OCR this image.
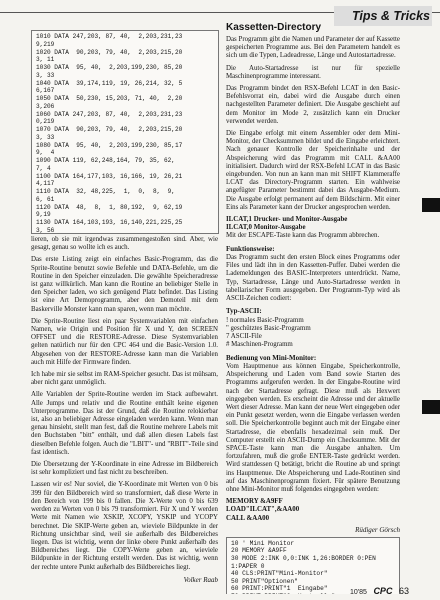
Tips & Tricks
1010 DATA 247,203, 87, 40,  2,203,231,23
9,219
1020 DATA  90,203, 79, 40,  2,203,215,20
3, 11
1030 DATA  95, 40,  2,203,199,230, 85,20
3, 33
1040 DATA  39,174,119, 19, 26,214, 32, 5
6,167
1050 DATA  50,230, 15,203, 71, 40,  2,20
3,206
1060 DATA 247,203, 87, 40,  2,203,231,23
0,219
1070 DATA  90,203, 79, 40,  2,203,215,20
3, 33
1080 DATA  95, 40,  2,203,199,230, 85,17
9,  4
1090 DATA 119, 62,248,164, 79, 35, 62,
7, 4
1100 DATA 164,177,103, 16,166, 19, 26,21
4,117
1110 DATA  32, 48,225,  1,  0,  8,  9,
6, 61
1120 DATA  48,  8,  1, 80,192,  9, 62,19
9,19
1130 DATA 164,103,193, 16,140,221,225,25
3, 56

lieren, ob sie mit irgendwas zusammengestoßen sind. Aber, wie gesagt, genau so wollte ich es auch.

Das erste Listing zeigt ein einfaches Basic-Programm, das die Sprite-Routine benutzt sowie Befehle und DATA-Befehle, um die Routine in den Speicher einzuladen. Die gewählte Speicheradresse ist ganz willkürlich. Man kann die Routine an beliebiger Stelle in den Speicher laden, wo sich genügend Platz befindet. Das Listing ist eine Art Demoprogramm, aber den Demoteil mit dem Baskerville Monster kann man sparen, wenn man möchte.

Die Sprite-Routine liest ein paar Systemvariablen mit einfachen Namen, wie Origin und Position für X und Y, den SCREEN OFFSET und die RESTORE-Adresse. Diese Systemvariablen gelten natürlich nur für den CPC 464 und die Basic-Version 1.0. Abgesehen von der RESTORE-Adresse kann man die Variablen auch mit Hilfe der Firmware finden.

Ich habe mir sie selbst im RAM-Speicher gesucht. Das ist mühsam, aber nicht ganz unmöglich.

Alle Variablen der Sprite-Routine werden im Stack aufbewahrt. Alle Jumps und relativ und die Routine enthält keine eigenen Unterprogramme. Das ist der Grund, daß die Routine relokierbar ist, also an beliebiger Adresse eingeladen werden kann. Wenn man genau hinsieht, stellt man fest, daß die Routine mehrere Labels mit den Buchstaben "bitt" enthält, und daß allen diesen Labels fast dieselben Befehle folgen. Auch die "LBIT"- und "RBIT"-Teile sind fast identisch.

Die Übersetzung der Y-Koordinate in eine Adresse im Bildbereich ist sehr kompliziert und fast nicht zu beschreiben.

Lassen wir es! Nur soviel, die Y-Koordinate mit Werten von 0 bis 399 für den Bildbereich wird so transformiert, daß diese Werte in den Bereich von 199 bis 0 fallen. Die X-Werte von 0 bis 639 werden zu Werten von 0 bis 79 transformiert. Für X und Y werden Werte mit Namen wie XSKIP, XCOPY, YSKIP und YCOPY berechnet. Die SKIP-Werte geben an, wieviele Bildpunkte in der Richtung unsichtbar sind, weil sie außerhalb des Bildbereiches liegen. Das ist wichtig, wenn der linke obere Punkt außerhalb des Bildbereiches liegt. Die COPY-Werte geben an, wieviele Bildpunkte in der Richtung erstellt werden. Das ist wichtig, wenn der rechte untere Punkt außerhalb des Bildbereiches liegt.

Volker Raab
Kassetten-Directory

Das Programm gibt die Namen und Parameter der auf Kassette gespeicherten Programme aus. Bei den Parametern handelt es sich um die Typen, Ladeadresse, Länge und Autostartadresse.

Die Auto-Startadresse ist nur für spezielle Maschinenprogramme interessant.

Das Programm bindet den RSX-Befehl LCAT in den Basic-Befehlsvorrat ein, dabei wird die Ausgabe durch einen nachgestellten Parameter definiert. Die Ausgabe geschieht auf dem Monitor im Mode 2, zusätzlich kann ein Drucker verwendet werden.

Die Eingabe erfolgt mit einem Assembler oder dem Mini-Monitor, der Checksummen bildet und die Eingabe erleichtert. Nach genauer Kontrolle der Speicherinhalte und der Abspeicherung wird das Programm mit CALL &AA00 initialisiert. Dadurch wird der RSX-Befehl LCAT in das Basic eingebunden. Von nun an kann man mit SHIFT Klammeraffe LCAT das Directory-Programm starten. Ein wahlweise angefügter Parameter bestimmt dabei das Ausgabe-Medium. Die Ausgabe erfolgt permanent auf dem Bildschirm. Mit einer Eins als Parameter kann der Drucker angesprochen werden.

ILCAT,1 Drucker- und Monitor-Ausgabe
ILCAT,0 Monitor-Ausgabe

Mit der ESCAPE-Taste kann das Programm abbrechen.

Funktionsweise:

Das Programm sucht den ersten Block eines Programms oder Files und lädt ihn in den Kassetten-Puffer. Dabei werden die Lademeldungen des BASIC-Interpreters unterdrückt. Name, Typ, Startadresse, Länge und Auto-Startadresse werden in tabellarischer Form ausgegeben. Der Programm-Typ wird als ASCII-Zeichen codiert:

Typ-ASCII:
! normales Basic-Programm
" geschütztes Basic-Programm
7 ASCII-File
# Maschinen-Programm
Bedienung von Mini-Monitor:

Vom Hauptmenue aus können Eingabe, Speicherkontrolle, Abspeicherung und Laden vom Band sowie Starten des Programms aufgerufen werden. In der Eingabe-Routine wird nach der Startadresse gefragt. Diese muß als Hexwert eingegeben werden. Es erscheint die Adresse und der aktuelle Wert dieser Adresse. Man kann der neue Wert eingegeben oder ein Punkt gesetzt werden, wenn die Eingabe verlassen werden soll. Die Speicherkontrolle beginnt auch mit der Eingabe einer Startadresse, die ebenfalls hexadezimal sein muß. Der Computer erstellt ein ASCII-Dump ein Checksumme. Mit der SPACE-Taste kann man die Ausgabe anhalten. Um fortzufahren, muß die große ENTER-Taste gedrückt werden. Wird stattdessen Q betätigt, bricht die Routine ab und springt ins Hauptmenue. Die Abspeicherung und Lade-Routinen sind auf das Maschinenprogramm fixiert. Für spätere Benutzung ohne Mini-Monitor muß folgendes eingegeben werden:

MEMORY &A9FF
LOAD"ILCAT",&AA00
CALL &AA00
Rüdiger Görsch
10 ' Mini Monitor
20 MEMORY &A9FF
30 MODE 2:INK 0,0:INK 1,26:BORDER 0:PEN
1:PAPER 0
40 CLS:PRINT"Mini-Monitor"
50 PRINT"Optionen"
60 PRINT:PRINT"1  Eingabe"
10'85 CPC 63
